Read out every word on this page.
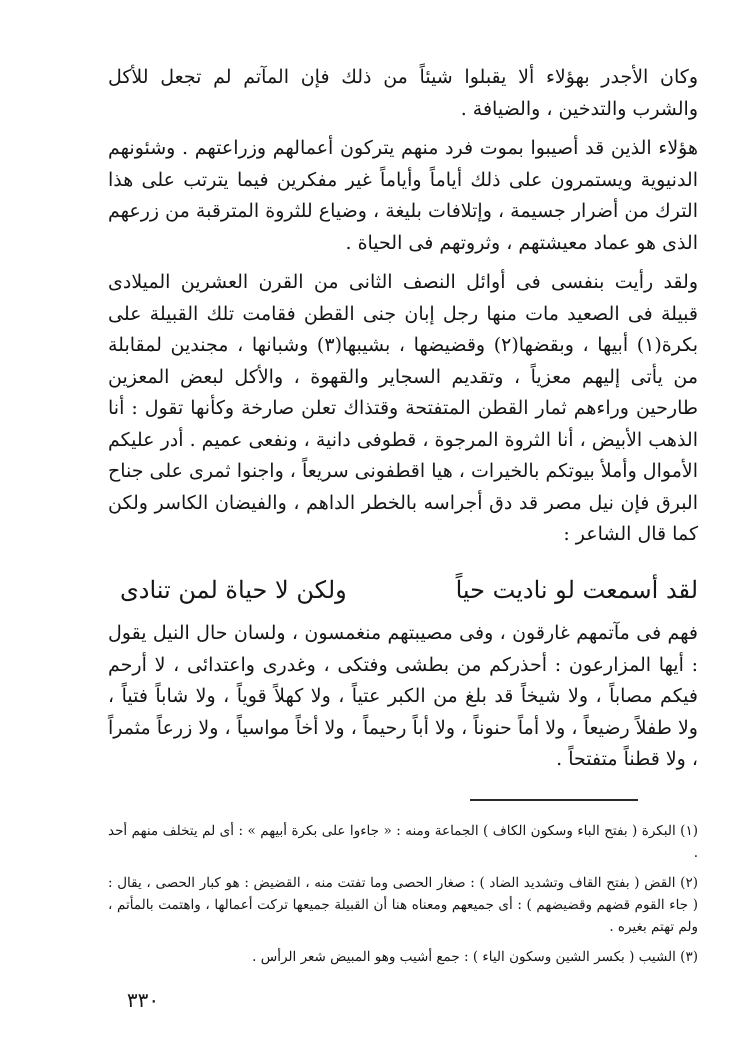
وكان الأجدر بهؤلاء ألا يقبلوا شيئاً من ذلك فإن المآتم لم تجعل للأكل والشرب والتدخين ، والضيافة .

هؤلاء الذين قد أصيبوا بموت فرد منهم يتركون أعمالهم وزراعتهم . وشئونهم الدنيوية ويستمرون على ذلك أياماً وأياماً غير مفكرين فيما يترتب على هذا الترك من أضرار جسيمة ، وإتلافات بليغة ، وضياع للثروة المترقبة من زرعهم الذى هو عماد معيشتهم ، وثروتهم فى الحياة .

ولقد رأيت بنفسى فى أوائل النصف الثانى من القرن العشرين الميلادى قبيلة فى الصعيد مات منها رجل إبان جنى القطن فقامت تلك القبيلة على بكرة(١) أبيها ، وبقضها(٢) وقضيضها ، بشيبها(٣) وشبانها ، مجندين لمقابلة من يأتى إليهم معزياً ، وتقديم السجاير والقهوة ، والأكل لبعض المعزين طارحين وراءهم ثمار القطن المتفتحة وقتذاك تعلن صارخة وكأنها تقول : أنا الذهب الأبيض ، أنا الثروة المرجوة ، قطوفى دانية ، ونفعى عميم . أدر عليكم الأموال وأملأ بيوتكم بالخيرات ، هيا اقطفونى سريعاً ، واجنوا ثمرى على جناح البرق فإن نيل مصر قد دق أجراسه بالخطر الداهم ، والفيضان الكاسر ولكن كما قال الشاعر :

لقد أسمعت لو ناديت حياً
ولكن لا حياة لمن تنادى

فهم فى مآتمهم غارقون ، وفى مصيبتهم منغمسون ، ولسان حال النيل يقول : أيها المزارعون : أحذركم من بطشى وفتكى ، وغدرى واعتدائى ، لا أرحم فيكم مصاباً ، ولا شيخاً قد بلغ من الكبر عتياً ، ولا كهلاً قوياً ، ولا شاباً فتياً ، ولا طفلاً رضيعاً ، ولا أماً حنوناً ، ولا أباً رحيماً ، ولا أخاً مواسياً ، ولا زرعاً مثمراً ، ولا قطناً متفتحاً .

(١) البكرة ( بفتح الباء وسكون الكاف ) الجماعة ومنه : « جاءوا على بكرة أبيهم » : أى لم يتخلف منهم أحد .

(٢) القض ( بفتح القاف وتشديد الضاد ) : صغار الحصى وما تفتت منه ، القضيض : هو كبار الحصى ، يقال : ( جاء القوم قضهم وقضيضهم ) : أى جميعهم ومعناه هنا أن القبيلة جميعها تركت أعمالها ، واهتمت بالمأتم ، ولم تهتم بغيره .

(٣) الشيب ( بكسر الشين وسكون الياء ) : جمع أشيب وهو المبيض شعر الرأس .

٣٣٠
